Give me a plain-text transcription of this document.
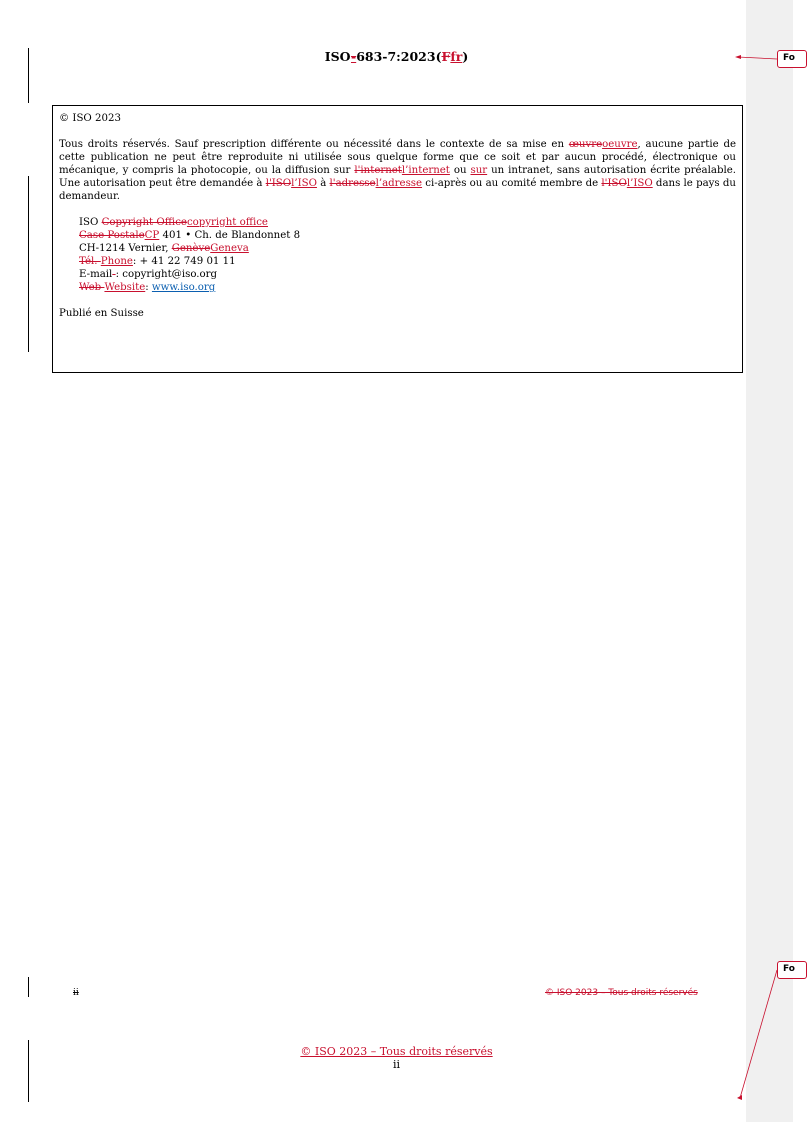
Fo
Fo
ISO-683-7:2023(Ffr)

© ISO 2023

Tous droits réservés. Sauf prescription différente ou nécessité dans le contexte de sa mise en œuvreoeuvre, aucune partie de cette publication ne peut être reproduite ni utilisée sous quelque forme que ce soit et par aucun procédé, électronique ou mécanique, y compris la photocopie, ou la diffusion sur l'internetl’internet ou sur un intranet, sans autorisation écrite préalable. Une autorisation peut être demandée à l'ISOl’ISO à l'adressel’adresse ci-après ou au comité membre de l'ISOl’ISO dans le pays du demandeur.

ISO Copyright Officecopyright office

Case PostaleCP 401 • Ch. de Blandonnet 8

CH-1214 Vernier, GenèveGeneva

Tél. Phone: + 41 22 749 01 11

E-mail : copyright@iso.org

Web Website: www.iso.org

Publié en Suisse

ii	© ISO 2023 – Tous droits réservés
© ISO 2023 – Tous droits réservés
ii
